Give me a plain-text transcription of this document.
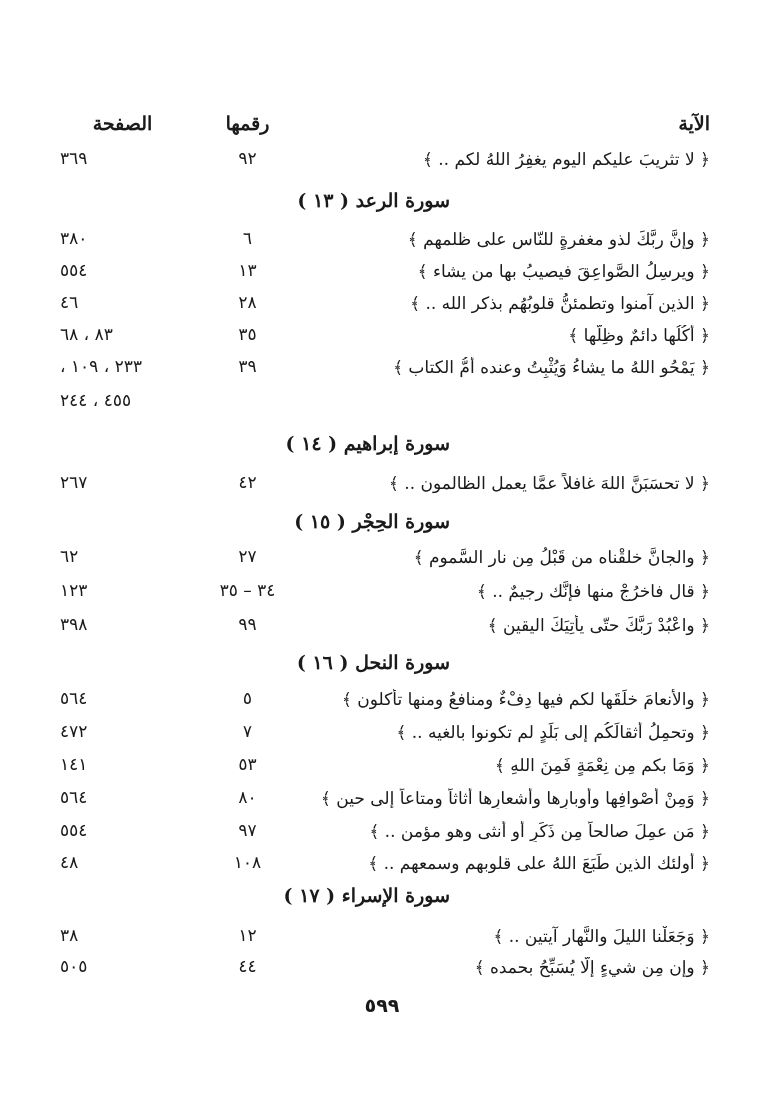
الآية
رقمها
الصفحة
﴿ لا تثريبَ عليكم اليوم يغفِرُ اللهُ لكم .. ﴾
٩٢
٣٦٩
سورة الرعد ( ١٣ )
﴿ وإنَّ ربَّكَ لذو مغفرةٍ للنّاس على ظلمهم ﴾
٦
٣٨٠
﴿ ويرسِلُ الصَّواعِقَ فيصيبُ بها من يشاء ﴾
١٣
٥٥٤
﴿ الذين آمنوا وتطمئنُّ قلوبُهُم بذكر الله .. ﴾
٢٨
٤٦
﴿ أُكُلُها دائمٌ وظِلُّها ﴾
٣٥
٨٣ ، ٦٨
﴿ يَمْحُو اللهُ ما يشاءُ وَيُثْبِتُ وعنده أُمُّ الكتاب ﴾
٣٩
٢٣٣ ، ١٠٩ ،
٤٥٥ ، ٢٤٤
سورة إبراهيم ( ١٤ )
﴿ لا تحسَبَنَّ اللهَ غافلاً عمَّا يعمل الظالمون .. ﴾
٤٢
٢٦٧
سورة الحِجْر ( ١٥ )
﴿ والجانَّ خلقْناه من قَبْلُ مِن نار السَّموم ﴾
٢٧
٦٢
﴿ قال فاخرُجْ منها فإنَّك رجيمٌ .. ﴾
٣٤ – ٣٥
١٢٣
﴿ واعْبُدْ رَبَّكَ حتّى يأتِيَكَ اليقين ﴾
٩٩
٣٩٨
سورة النحل ( ١٦ )
﴿ والأنعامَ خلَقَها لكم فيها دِفْءٌ ومنافعُ ومنها تأكلون ﴾
٥
٥٦٤
﴿ وتحمِلُ أثقالَكُم إلى بَلَدٍ لم تكونوا بالغيه .. ﴾
٧
٤٧٢
﴿ وَمَا بكم مِن نِعْمَةٍ فَمِنَ اللهِ ﴾
٥٣
١٤١
﴿ وَمِنْ أَصْوافِها وأوبارِها وأشعارِها أثاثاً ومتاعاً إلى حين ﴾
٨٠
٥٦٤
﴿ مَن عمِلَ صالحاً مِن ذَكَرٍ أو أنثى وهو مؤمن .. ﴾
٩٧
٥٥٤
﴿ أولئك الذين طَبَعَ اللهُ على قلوبهم وسمعهم .. ﴾
١٠٨
٤٨
سورة الإسراء ( ١٧ )
﴿ وَجَعَلْنا الليلَ والنَّهار آيتين .. ﴾
١٢
٣٨
﴿ وإن مِن شيءٍ إلّا يُسَبِّحُ بحمده ﴾
٤٤
٥٠٥
٥٩٩
